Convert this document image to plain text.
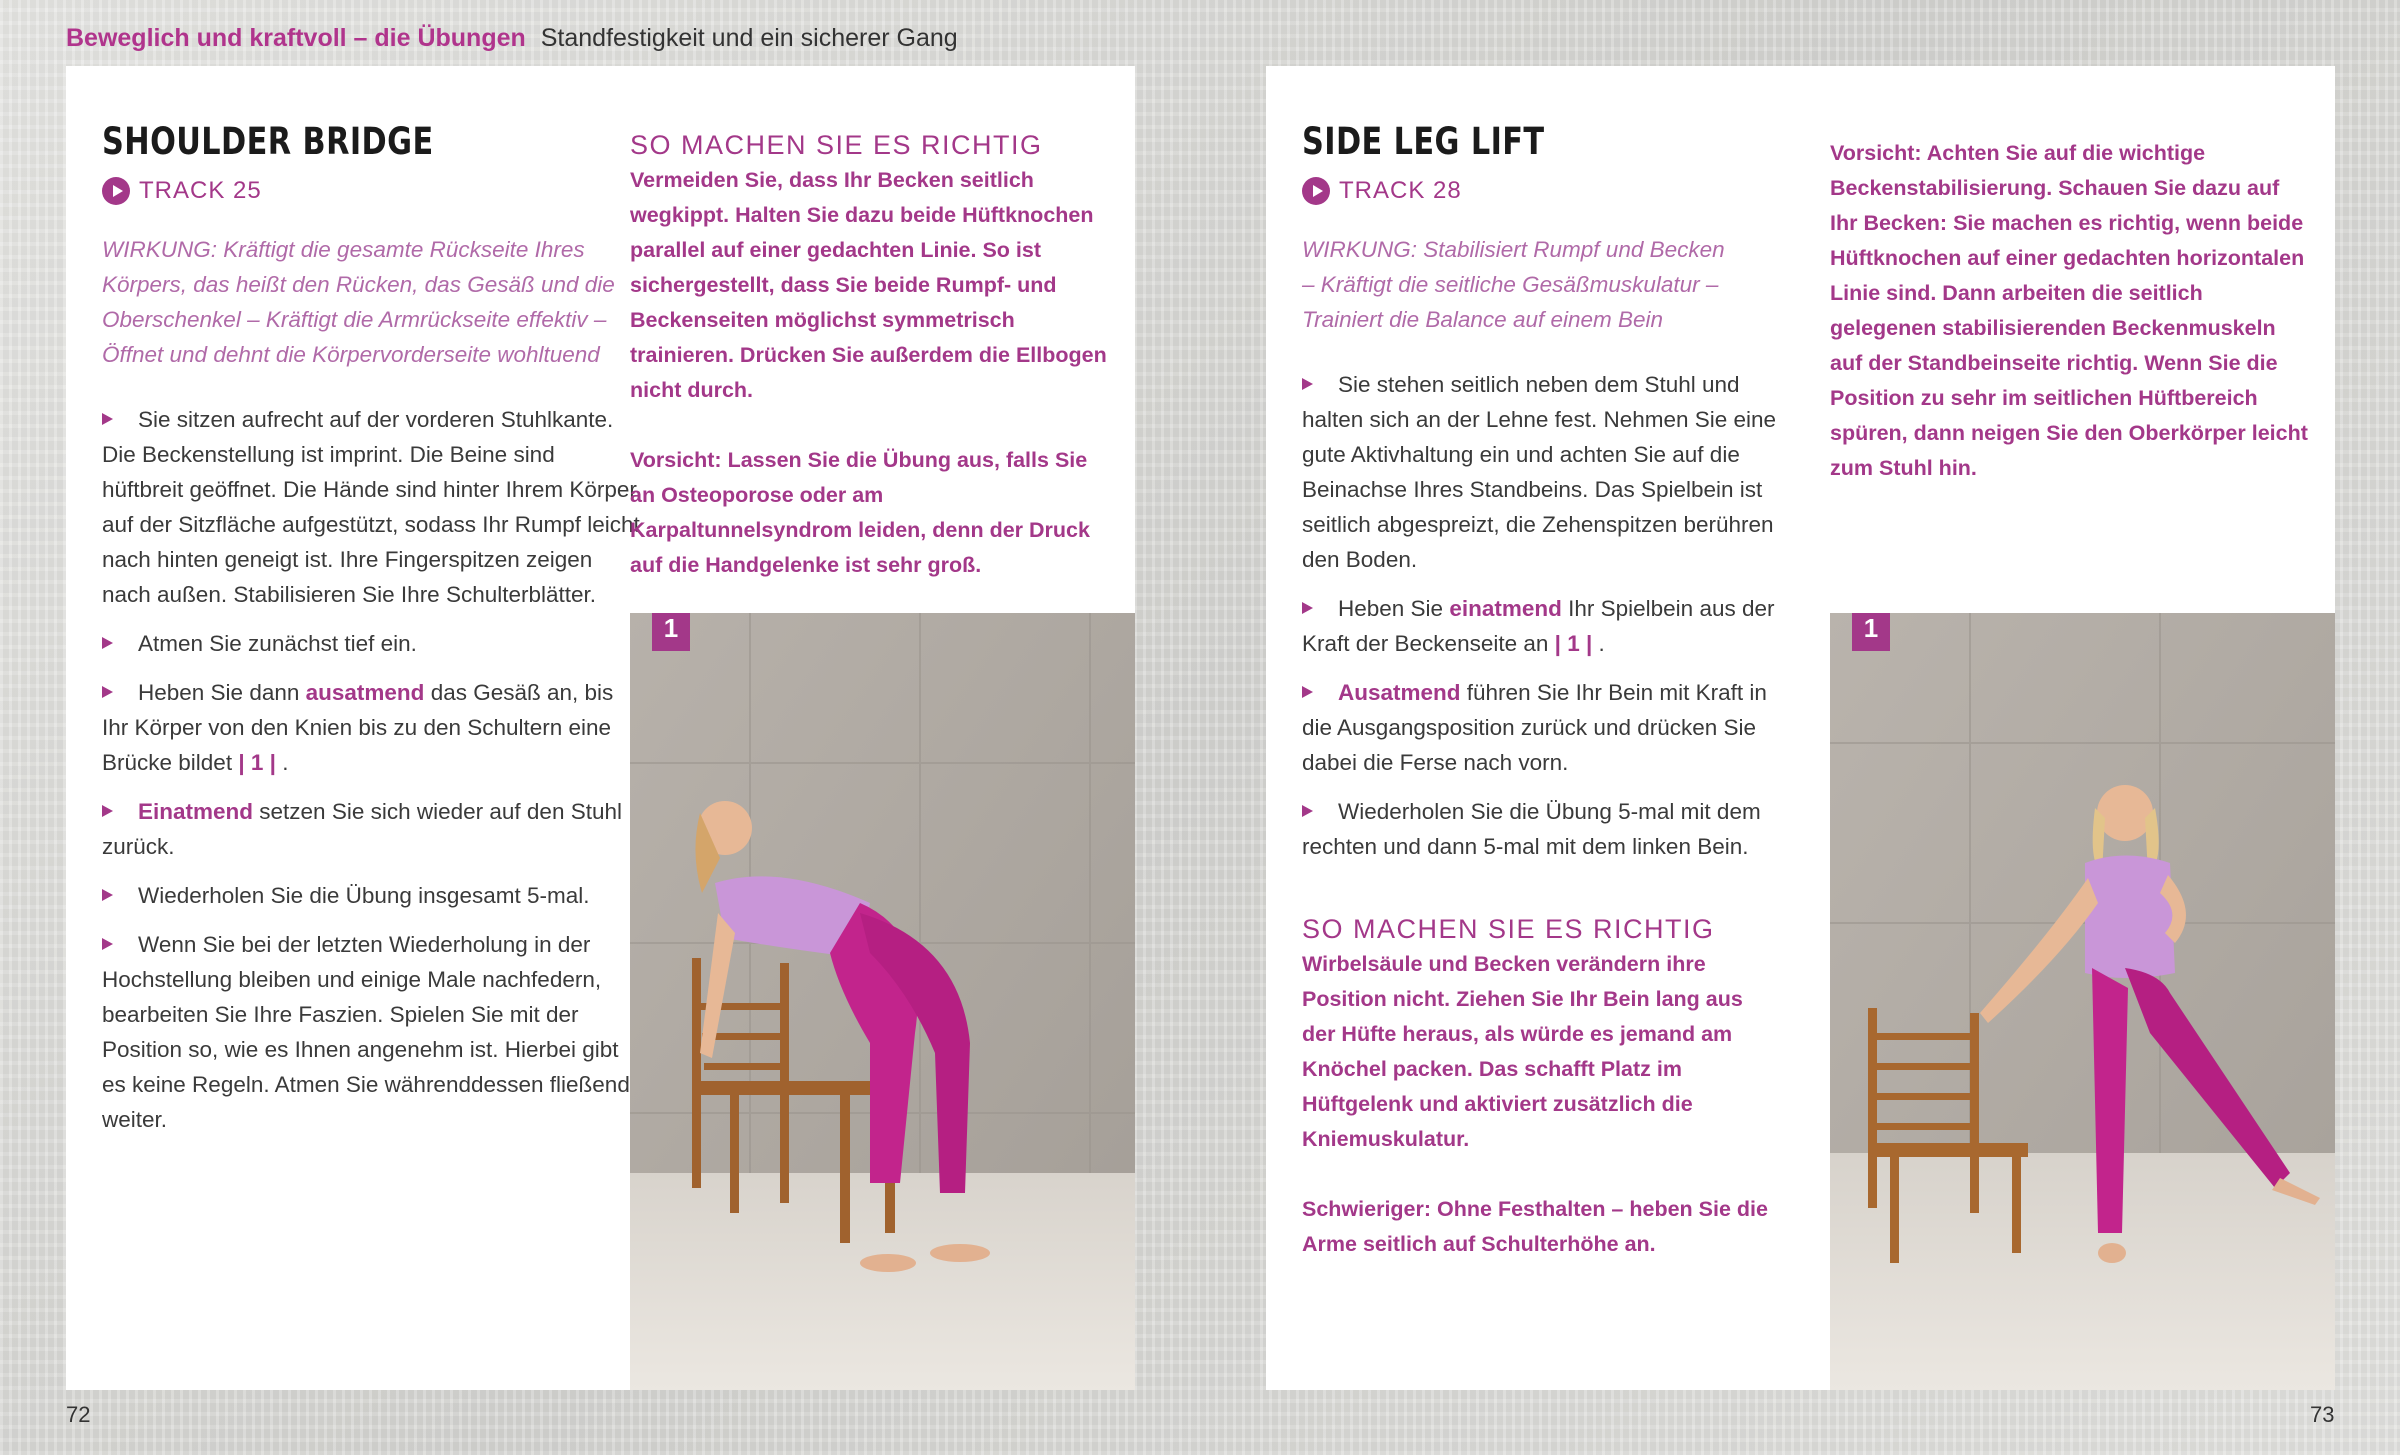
Beweglich und kraftvoll – die Übungen Standfestigkeit und ein sicherer Gang
SHOULDER BRIDGE
TRACK 25
WIRKUNG: Kräftigt die gesamte Rückseite Ihres Körpers, das heißt den Rücken, das Gesäß und die Oberschenkel – Kräftigt die Armrückseite effektiv – Öffnet und dehnt die Körpervorderseite wohltuend
Sie sitzen aufrecht auf der vorderen Stuhlkante. Die Beckenstellung ist imprint. Die Beine sind hüftbreit geöffnet. Die Hände sind hinter Ihrem Körper auf der Sitzfläche aufgestützt, sodass Ihr Rumpf leicht nach hinten geneigt ist. Ihre Fingerspitzen zeigen nach außen. Stabilisieren Sie Ihre Schulterblätter.
Atmen Sie zunächst tief ein.
Heben Sie dann ausatmend das Gesäß an, bis Ihr Körper von den Knien bis zu den Schultern eine Brücke bildet | 1 | .
Einatmend setzen Sie sich wieder auf den Stuhl zurück.
Wiederholen Sie die Übung insgesamt 5-mal.
Wenn Sie bei der letzten Wiederholung in der Hochstellung bleiben und einige Male nachfedern, bearbeiten Sie Ihre Faszien. Spielen Sie mit der Position so, wie es Ihnen angenehm ist. Hierbei gibt es keine Regeln. Atmen Sie währenddessen fließend weiter.
SO MACHEN SIE ES RICHTIG
Vermeiden Sie, dass Ihr Becken seitlich wegkippt. Halten Sie dazu beide Hüftknochen parallel auf einer gedachten Linie. So ist sichergestellt, dass Sie beide Rumpf- und Beckenseiten möglichst symmetrisch trainieren. Drücken Sie außerdem die Ellbogen nicht durch.
Vorsicht: Lassen Sie die Übung aus, falls Sie an Osteoporose oder am Karpaltunnelsyndrom leiden, denn der Druck auf die Handgelenke ist sehr groß.
1
SIDE LEG LIFT
TRACK 28
WIRKUNG: Stabilisiert Rumpf und Becken – Kräftigt die seitliche Gesäßmuskulatur – Trainiert die Balance auf einem Bein
Sie stehen seitlich neben dem Stuhl und halten sich an der Lehne fest. Nehmen Sie eine gute Aktivhaltung ein und achten Sie auf die Beinachse Ihres Standbeins. Das Spielbein ist seitlich abgespreizt, die Zehenspitzen berühren den Boden.
Heben Sie einatmend Ihr Spielbein aus der Kraft der Beckenseite an | 1 | .
Ausatmend führen Sie Ihr Bein mit Kraft in die Ausgangsposition zurück und drücken Sie dabei die Ferse nach vorn.
Wiederholen Sie die Übung 5-mal mit dem rechten und dann 5-mal mit dem linken Bein.
SO MACHEN SIE ES RICHTIG
Wirbelsäule und Becken verändern ihre Position nicht. Ziehen Sie Ihr Bein lang aus der Hüfte heraus, als würde es jemand am Knöchel packen. Das schafft Platz im Hüftgelenk und aktiviert zusätzlich die Kniemuskulatur.
Schwieriger: Ohne Festhalten – heben Sie die Arme seitlich auf Schulterhöhe an.
Vorsicht: Achten Sie auf die wichtige Beckenstabilisierung. Schauen Sie dazu auf Ihr Becken: Sie machen es richtig, wenn beide Hüftknochen auf einer gedachten horizontalen Linie sind. Dann arbeiten die seitlich gelegenen stabilisierenden Beckenmuskeln auf der Standbeinseite richtig. Wenn Sie die Position zu sehr im seitlichen Hüftbereich spüren, dann neigen Sie den Oberkörper leicht zum Stuhl hin.
1
72	73
